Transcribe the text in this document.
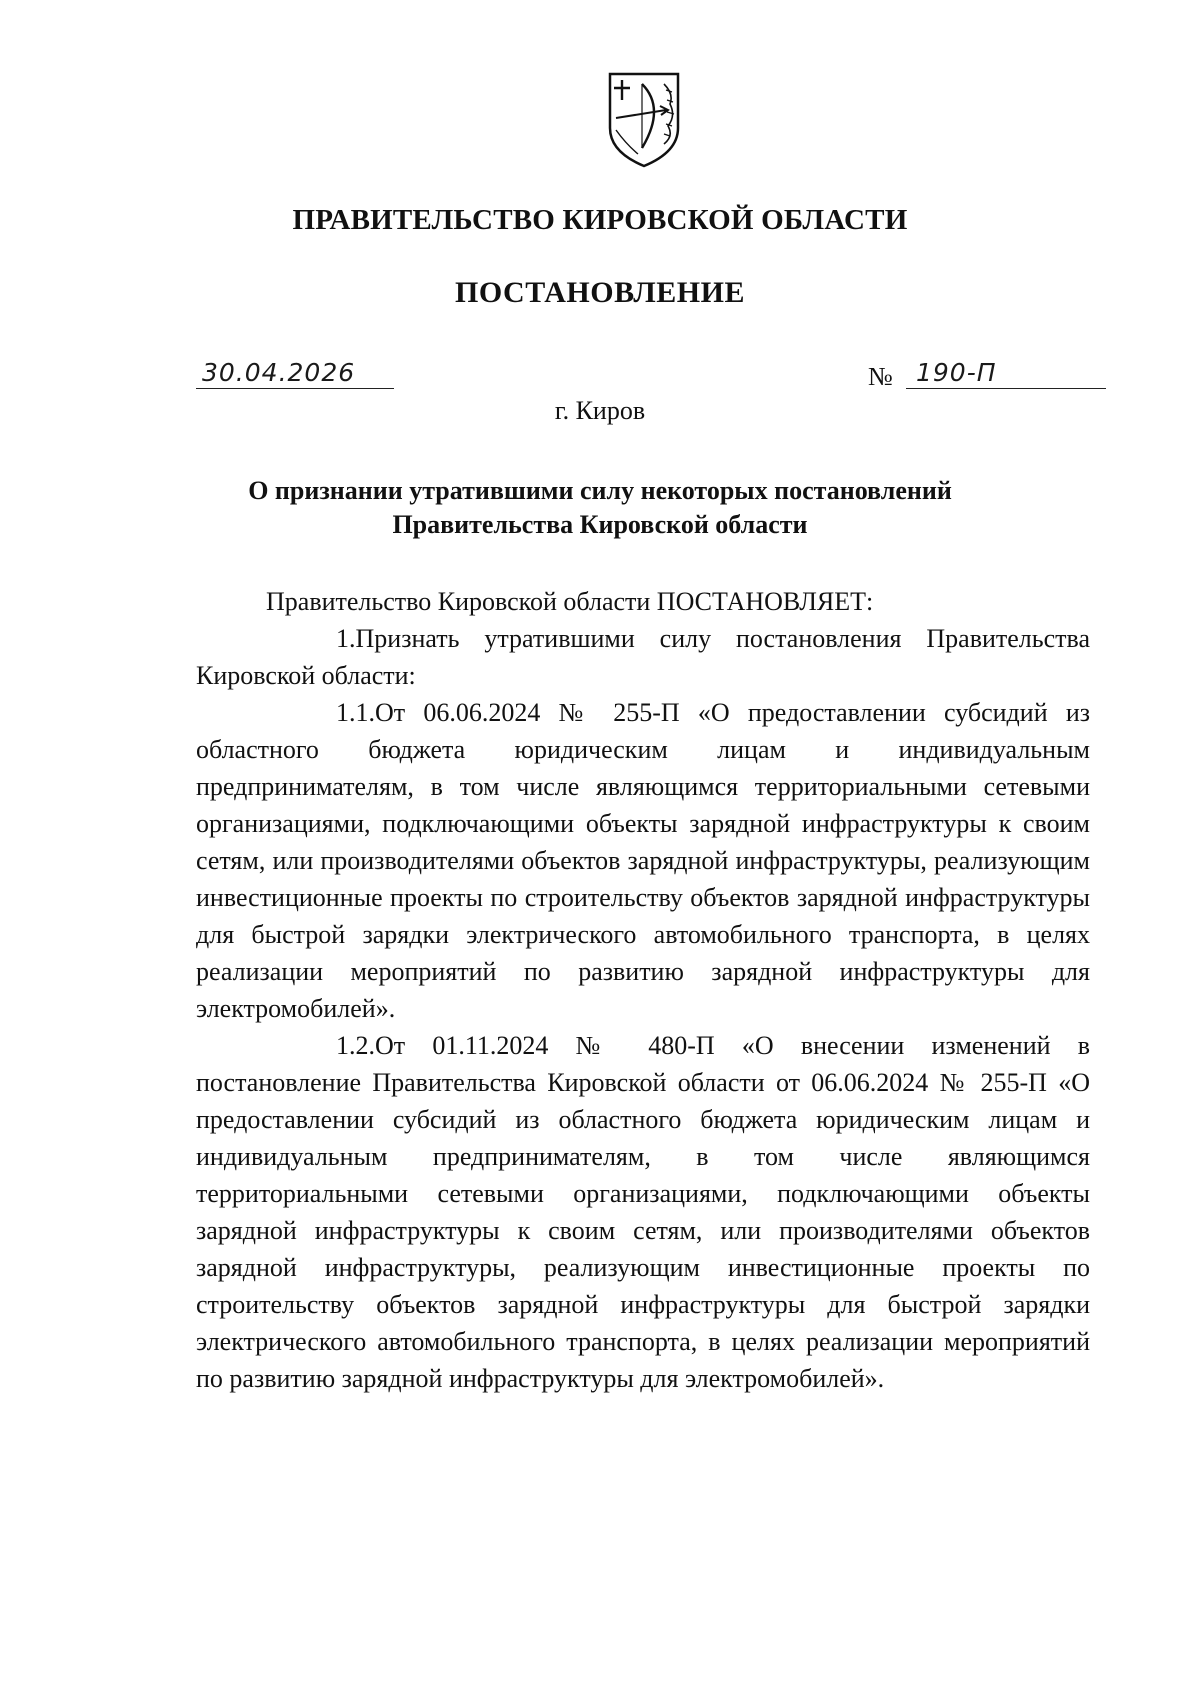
ПРАВИТЕЛЬСТВО КИРОВСКОЙ ОБЛАСТИ
ПОСТАНОВЛЕНИЕ
30.04.2026	№ 190-П
г. Киров
О признании утратившими силу некоторых постановлений
Правительства Кировской области

Правительство Кировской области ПОСТАНОВЛЯЕТ:

1.Признать утратившими силу постановления Правительства Кировской области:

1.1.От 06.06.2024 № 255-П «О предоставлении субсидий из областного бюджета юридическим лицам и индивидуальным предпринимателям, в том числе являющимся территориальными сетевыми организациями, подключающими объекты зарядной инфраструктуры к своим сетям, или производителями объектов зарядной инфраструктуры, реализующим инвестиционные проекты по строительству объектов зарядной инфраструктуры для быстрой зарядки электрического автомобильного транспорта, в целях реализации мероприятий по развитию зарядной инфраструктуры для электромобилей».

1.2.От 01.11.2024 № 480-П «О внесении изменений в постановление Правительства Кировской области от 06.06.2024 № 255-П «О предоставлении субсидий из областного бюджета юридическим лицам и индивидуальным предпринимателям, в том числе являющимся территориальными сетевыми организациями, подключающими объекты зарядной инфраструктуры к своим сетям, или производителями объектов зарядной инфраструктуры, реализующим инвестиционные проекты по строительству объектов зарядной инфраструктуры для быстрой зарядки электрического автомобильного транспорта, в целях реализации мероприятий по развитию зарядной инфраструктуры для электромобилей».
